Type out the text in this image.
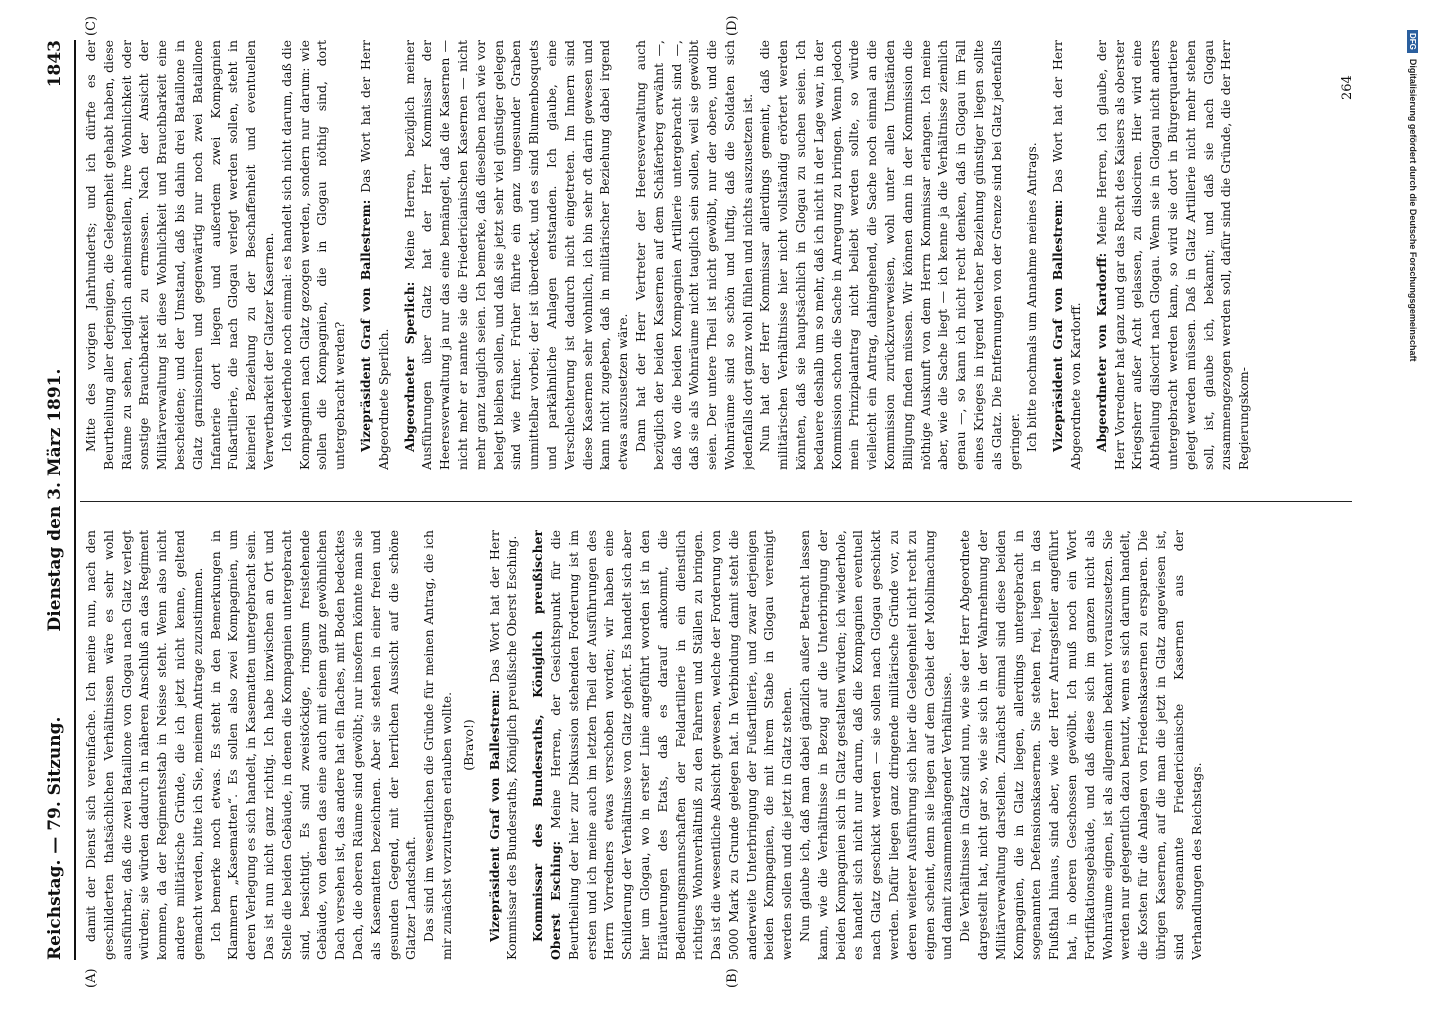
Reichstag. — 79. Sitzung.
Dienstag den 3. März 1891.
1843
(A)	(B)
(C)	(D)

damit der Dienst sich vereinfache. Ich meine nun, nach den geschilderten thatsächlichen Verhältnissen wäre es sehr wohl ausführbar, daß die zwei Bataillone von Glogau nach Glatz verlegt würden; sie würden dadurch in näheren Anschluß an das Regiment kommen, da der Regimentsstab in Neisse steht. Wenn also nicht andere militärische Gründe, die ich jetzt nicht kenne, geltend gemacht werden, bitte ich Sie, meinem Antrage zuzustimmen. Ich bemerke noch etwas. Es steht in den Bemerkungen in Klammern „Kasematten“. Es sollen also zwei Kompagnien, um deren Verlegung es sich handelt, in Kasematten untergebracht sein. Das ist nun nicht ganz richtig. Ich habe inzwischen an Ort und Stelle die beiden Gebäude, in denen die Kompagnien untergebracht sind, besichtigt. Es sind zweistöckige, ringsum freistehende Gebäude, von denen das eine auch mit einem ganz gewöhnlichen Dach versehen ist, das andere hat ein flaches, mit Boden bedecktes Dach, die oberen Räume sind gewölbt; nur insofern könnte man sie als Kasematten bezeichnen. Aber sie stehen in einer freien und gesunden Gegend, mit der herrlichen Aussicht auf die schöne Glatzer Landschaft. Das sind im wesentlichen die Gründe für meinen Antrag, die ich mir zunächst vorzutragen erlauben wollte. (Bravo!) Vizepräsident Graf von Ballestrem: Das Wort hat der Herr Kommissar des Bundesraths, Königlich preußische Oberst Esching. Kommissar des Bundesraths, Königlich preußischer Oberst Esching: Meine Herren, der Gesichtspunkt für die Beurtheilung der hier zur Diskussion stehenden Forderung ist im ersten und ich meine auch im letzten Theil der Ausführungen des Herrn Vorredners etwas verschoben worden; wir haben eine Schilderung der Verhältnisse von Glatz gehört. Es handelt sich aber hier um Glogau, wo in erster Linie angeführt worden ist in den Erläuterungen des Etats, daß es darauf ankommt, die Bedienungsmannschaften der Feldartillerie in ein dienstlich richtiges Wohnverhältniß zu den Fahrern und Ställen zu bringen. Das ist die wesentliche Absicht gewesen, welche der Forderung von 5000 Mark zu Grunde gelegen hat. In Verbindung damit steht die anderweite Unterbringung der Fußartillerie, und zwar derjenigen beiden Kompagnien, die mit ihrem Stabe in Glogau vereinigt werden sollen und die jetzt in Glatz stehen. Nun glaube ich, daß man dabei gänzlich außer Betracht lassen kann, wie die Verhältnisse in Bezug auf die Unterbringung der beiden Kompagnien sich in Glatz gestalten würden; ich wiederhole, es handelt sich nicht nur darum, daß die Kompagnien eventuell nach Glatz geschickt werden — sie sollen nach Glogau geschickt werden. Dafür liegen ganz dringende militärische Gründe vor, zu deren weiterer Ausführung sich hier die Gelegenheit nicht recht zu eignen scheint, denn sie liegen auf dem Gebiet der Mobilmachung und damit zusammenhängender Verhältnisse. Die Verhältnisse in Glatz sind nun, wie sie der Herr Abgeordnete dargestellt hat, nicht gar so, wie sie sich in der Wahrnehmung der Militärverwaltung darstellen. Zunächst einmal sind diese beiden Kompagnien, die in Glatz liegen, allerdings untergebracht in sogenannten Defensionskasernen. Sie stehen frei, liegen in das Flußthal hinaus, sind aber, wie der Herr Antragsteller angeführt hat, in oberen Geschossen gewölbt. Ich muß noch ein Wort Fortifikationsgebäude, und daß diese sich im ganzen nicht als Wohnräume eignen, ist als allgemein bekannt vorauszusetzen. Sie werden nur gelegentlich dazu benutzt, wenn es sich darum handelt, die Kosten für die Anlagen von Friedenskasernen zu ersparen. Die übrigen Kasernen, auf die man die jetzt in Glatz angewiesen ist, sind sogenannte Friedericianische Kasernen aus der Verhandlungen des Reichstags.

Mitte des vorigen Jahrhunderts; und ich dürfte es der Beurtheilung aller derjenigen, die Gelegenheit gehabt haben, diese Räume zu sehen, lediglich anheimstellen, ihre Wohnlichkeit oder sonstige Brauchbarkeit zu ermessen. Nach der Ansicht der Militärverwaltung ist diese Wohnlichkeit und Brauchbarkeit eine bescheidene; und der Umstand, daß bis dahin drei Bataillone in Glatz garnisoniren und gegenwärtig nur noch zwei Bataillone Infanterie dort liegen und außerdem zwei Kompagnien Fußartillerie, die nach Glogau verlegt werden sollen, steht in keinerlei Beziehung zu der Beschaffenheit und eventuellen Verwertbarkeit der Glatzer Kasernen. Ich wiederhole noch einmal: es handelt sich nicht darum, daß die Kompagnien nach Glatz gezogen werden, sondern nur darum: wie sollen die Kompagnien, die in Glogau nöthig sind, dort untergebracht werden? Vizepräsident Graf von Ballestrem: Das Wort hat der Herr Abgeordnete Sperlich. Abgeordneter Sperlich: Meine Herren, bezüglich meiner Ausführungen über Glatz hat der Herr Kommissar der Heeresverwaltung ja nur das eine bemängelt, daß die Kasernen — nicht mehr er nannte sie die Friedericianischen Kasernen — nicht mehr ganz tauglich seien. Ich bemerke, daß dieselben nach wie vor belegt bleiben sollen, und daß sie jetzt sehr viel günstiger gelegen sind wie früher. Früher führte ein ganz ungesunder Graben unmittelbar vorbei; der ist überdeckt, und es sind Blumenbosquets und parkähnliche Anlagen entstanden. Ich glaube, eine Verschlechterung ist dadurch nicht eingetreten. Im Innern sind diese Kasernen sehr wohnlich, ich bin sehr oft darin gewesen und kann nicht zugeben, daß in militärischer Beziehung dabei irgend etwas auszusetzen wäre. Dann hat der Herr Vertreter der Heeresverwaltung auch bezüglich der beiden Kasernen auf dem Schäferberg erwähnt —, daß wo die beiden Kompagnien Artillerie untergebracht sind —, daß sie als Wohnräume nicht tauglich sein sollen, weil sie gewölbt seien. Der untere Theil ist nicht gewölbt, nur der obere, und die Wohnräume sind so schön und luftig, daß die Soldaten sich jedenfalls dort ganz wohl fühlen und nichts auszusetzen ist. Nun hat der Herr Kommissar allerdings gemeint, daß die militärischen Verhältnisse hier nicht vollständig erörtert werden könnten, daß sie hauptsächlich in Glogau zu suchen seien. Ich bedauere deshalb um so mehr, daß ich nicht in der Lage war, in der Kommission schon die Sache in Anregung zu bringen. Wenn jedoch mein Prinzipalantrag nicht beliebt werden sollte, so würde vielleicht ein Antrag, dahingehend, die Sache noch einmal an die Kommission zurückzuverweisen, wohl unter allen Umständen Billigung finden müssen. Wir können dann in der Kommission die nöthige Auskunft von dem Herrn Kommissar erlangen. Ich meine aber, wie die Sache liegt — ich kenne ja die Verhältnisse ziemlich genau —, so kann ich nicht recht denken, daß in Glogau im Fall eines Krieges in irgend welcher Beziehung günstiger liegen sollte als Glatz. Die Entfernungen von der Grenze sind bei Glatz jedenfalls geringer. Ich bitte nochmals um Annahme meines Antrags. Vizepräsident Graf von Ballestrem: Das Wort hat der Herr Abgeordnete von Kardorff. Abgeordneter von Kardorff: Meine Herren, ich glaube, der Herr Vorredner hat ganz und gar das Recht des Kaisers als oberster Kriegsherr außer Acht gelassen, zu dislociren. Hier wird eine Abtheilung dislocirt nach Glogau. Wenn sie in Glogau nicht anders untergebracht werden kann, so wird sie dort in Bürgerquartiere gelegt werden müssen. Daß in Glatz Artillerie nicht mehr stehen soll, ist, glaube ich, bekannt; und daß sie nach Glogau zusammengezogen werden soll, dafür sind die Gründe, die der Herr Regierungskom-

264
DFGDigitalisierung gefördert durch die Deutsche Forschungsgemeinschaft
